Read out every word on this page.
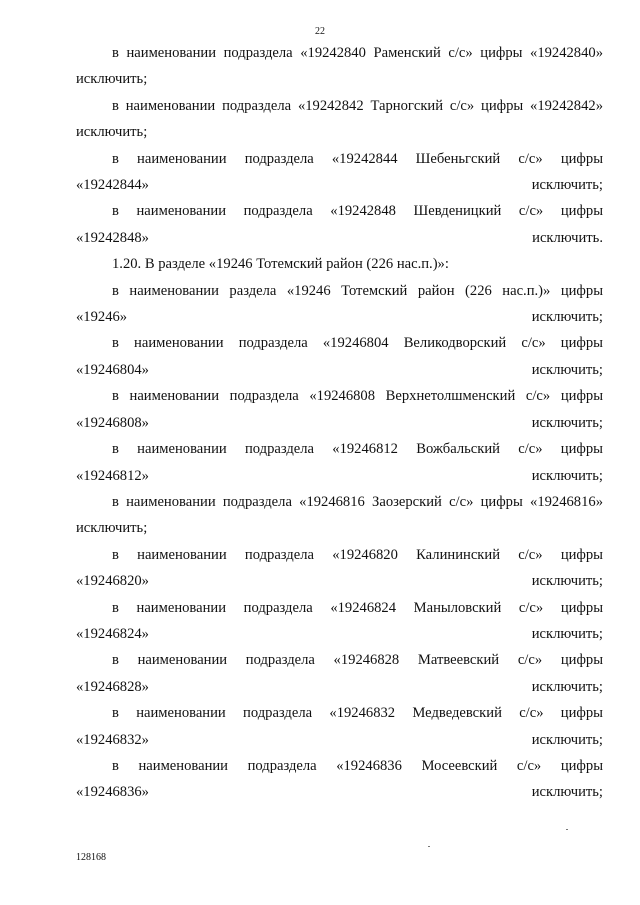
22

в наименовании подраздела «19242840 Раменский с/с» цифры «19242840»
исключить;

в наименовании подраздела «19242842 Тарногский с/с» цифры «19242842»
исключить;

в наименовании подраздела «19242844 Шебеньгский с/с» цифры
«19242844» исключить;

в наименовании подраздела «19242848 Шевденицкий с/с» цифры
«19242848» исключить.

1.20. В разделе «19246 Тотемский район (226 нас.п.)»:

в наименовании раздела «19246 Тотемский район (226 нас.п.)» цифры
«19246» исключить;

в наименовании подраздела «19246804 Великодворский с/с» цифры
«19246804» исключить;

в наименовании подраздела «19246808 Верхнетолшменский с/с» цифры
«19246808» исключить;

в наименовании подраздела «19246812 Вожбальский с/с» цифры
«19246812» исключить;

в наименовании подраздела «19246816 Заозерский с/с» цифры «19246816»
исключить;

в наименовании подраздела «19246820 Калининский с/с» цифры
«19246820» исключить;

в наименовании подраздела «19246824 Маныловский с/с» цифры
«19246824» исключить;

в наименовании подраздела «19246828 Матвеевский с/с» цифры
«19246828» исключить;

в наименовании подраздела «19246832 Медведевский с/с» цифры
«19246832» исключить;

в наименовании подраздела «19246836 Мосеевский с/с» цифры
«19246836» исключить;

128168
